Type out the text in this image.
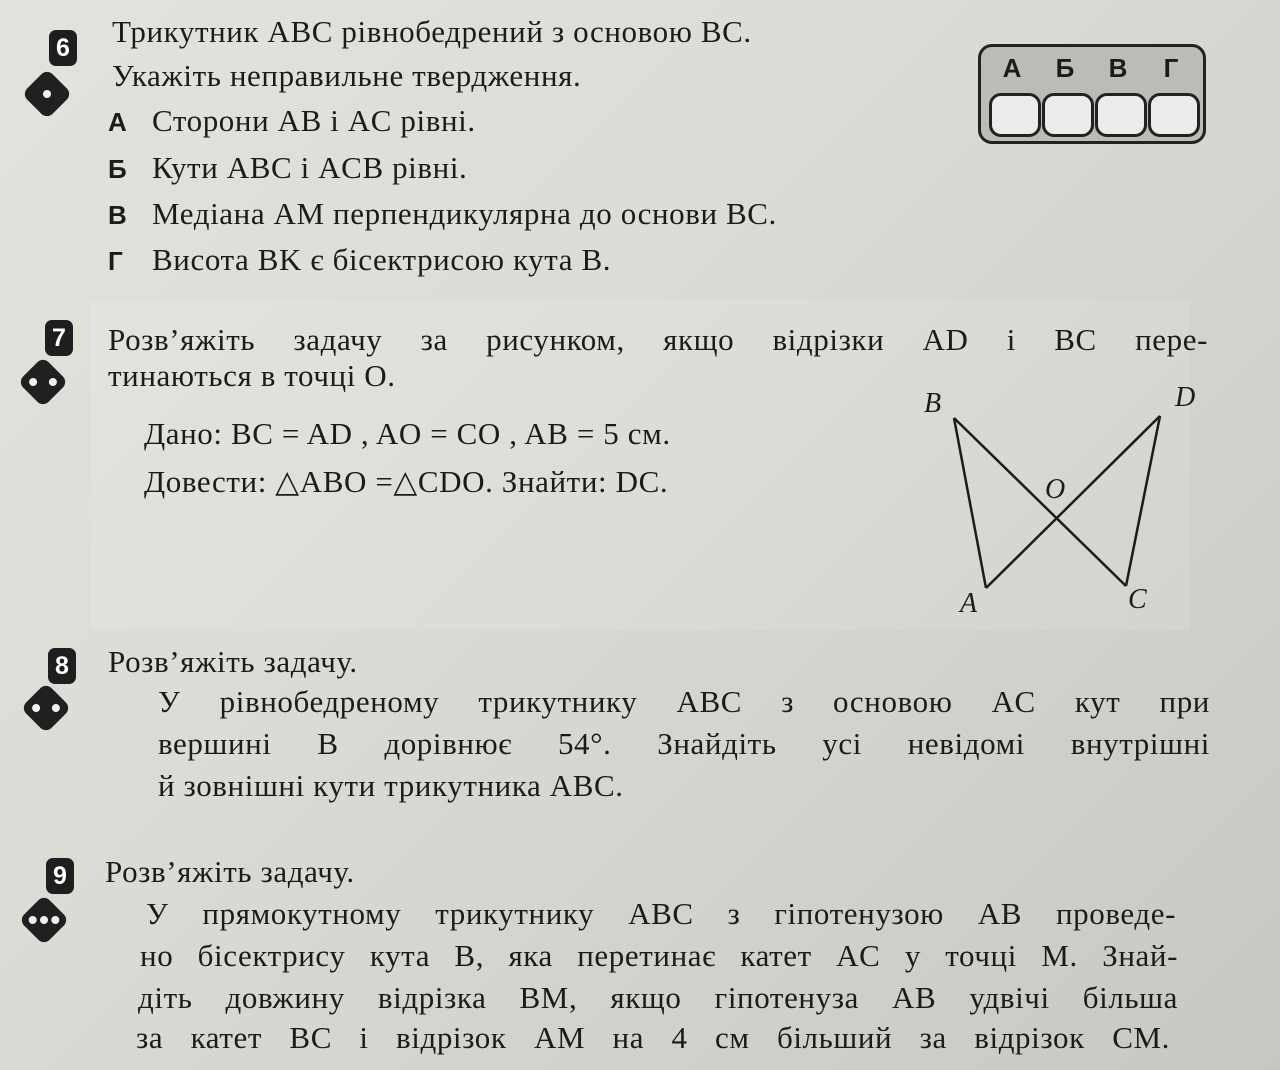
6 Трикутник ABC рівнобедрений з основою BC.
Укажіть неправильне твердження.
А Сторони AB і AC рівні.
Б Кути ABC і ACB рівні.
В Медіана AM перпендикулярна до основи BC.
Г Висота BK є бісектрисою кута B.
А	Б	В	Г
7 Розв’яжіть задачу за рисунком, якщо відрізки AD і BC пере-
тинаються в точці O.
Дано: BC = AD , AO = CO , AB = 5 см.
Довести: △ABO =△CDO. Знайти: DC.
B	D
O
A	C
8 Розв’яжіть задачу.
У рівнобедреному трикутнику ABC з основою AC кут при
вершині B дорівнює 54°. Знайдіть усі невідомі внутрішні
й зовнішні кути трикутника ABC.
9 Розв’яжіть задачу.
У прямокутному трикутнику ABC з гіпотенузою AB проведе-
но бісектрису кута B, яка перетинає катет AC у точці M. Знай-
діть довжину відрізка BM, якщо гіпотенуза AB удвічі більша
за катет BC і відрізок AM на 4 см більший за відрізок CM.
